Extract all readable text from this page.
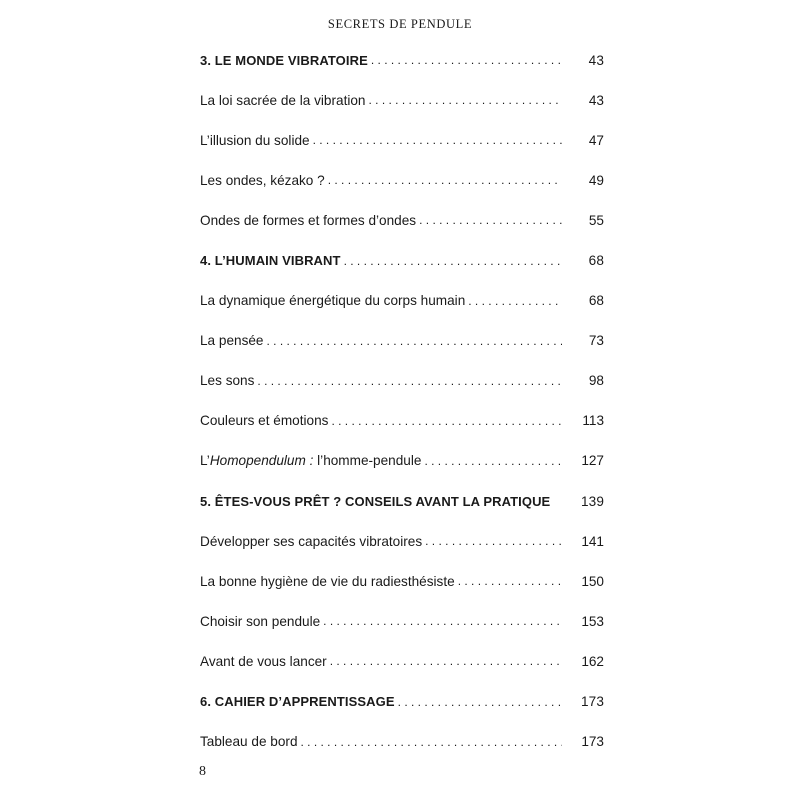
SECRETS DE PENDULE
3. LE MONDE VIBRATOIRE . . .	43
La loi sacrée de la vibration . . .	43
L’illusion du solide . . .	47
Les ondes, kézako ? . . .	49
Ondes de formes et formes d’ondes . . .	55
4. L’HUMAIN VIBRANT . . .	68
La dynamique énergétique du corps humain . . .	68
La pensée . . .	73
Les sons . . .	98
Couleurs et émotions . . .	113
L’Homopendulum : l’homme-pendule . . .	127
5. ÊTES-VOUS PRÊT ? CONSEILS AVANT LA PRATIQUE	139
Développer ses capacités vibratoires . . .	141
La bonne hygiène de vie du radiesthésiste . . .	150
Choisir son pendule . . .	153
Avant de vous lancer . . .	162
6. CAHIER D’APPRENTISSAGE . . .	173
Tableau de bord . . .	173
8
